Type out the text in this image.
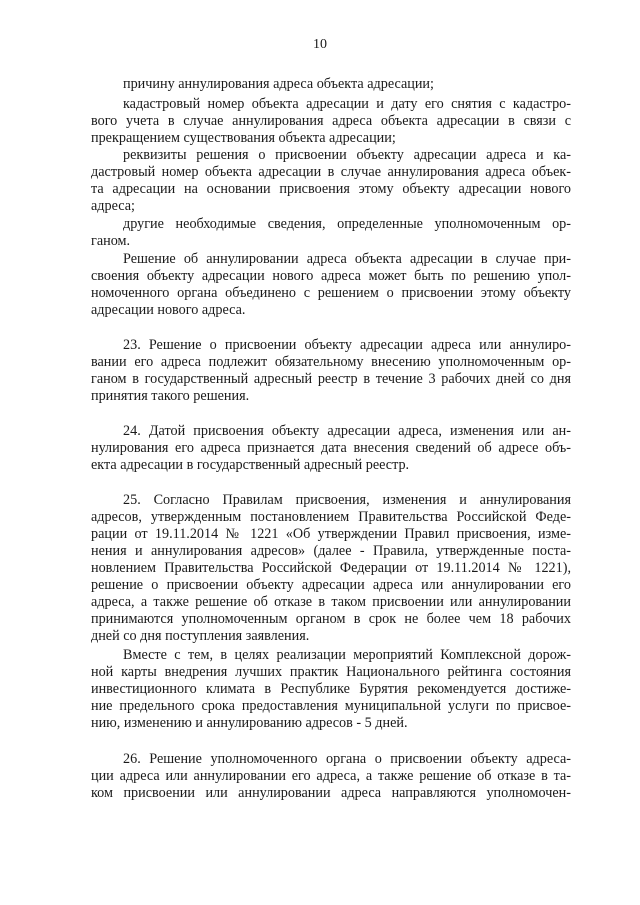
10
причину аннулирования адреса объекта адресации;
кадастровый номер объекта адресации и дату его снятия с кадастро-
вого учета в случае аннулирования адреса объекта адресации в связи с
прекращением существования объекта адресации;
реквизиты решения о присвоении объекту адресации адреса и ка-
дастровый номер объекта адресации в случае аннулирования адреса объек-
та адресации на основании присвоения этому объекту адресации нового
адреса;
другие необходимые сведения, определенные уполномоченным ор-
ганом.
Решение об аннулировании адреса объекта адресации в случае при-
своения объекту адресации нового адреса может быть по решению упол-
номоченного органа объединено с решением о присвоении этому объекту
адресации нового адреса.
23. Решение о присвоении объекту адресации адреса или аннулиро-
вании его адреса подлежит обязательному внесению уполномоченным ор-
ганом в государственный адресный реестр в течение 3 рабочих дней со дня
принятия такого решения.
24. Датой присвоения объекту адресации адреса, изменения или ан-
нулирования его адреса признается дата внесения сведений об адресе объ-
екта адресации в государственный адресный реестр.
25. Согласно Правилам присвоения, изменения и аннулирования
адресов, утвержденным постановлением Правительства Российской Феде-
рации от 19.11.2014 № 1221 «Об утверждении Правил присвоения, изме-
нения и аннулирования адресов» (далее - Правила, утвержденные поста-
новлением Правительства Российской Федерации от 19.11.2014 № 1221),
решение о присвоении объекту адресации адреса или аннулировании его
адреса, а также решение об отказе в таком присвоении или аннулировании
принимаются уполномоченным органом в срок не более чем 18 рабочих
дней со дня поступления заявления.
Вместе с тем, в целях реализации мероприятий Комплексной дорож-
ной карты внедрения лучших практик Национального рейтинга состояния
инвестиционного климата в Республике Бурятия рекомендуется достиже-
ние предельного срока предоставления муниципальной услуги по присвое-
нию, изменению и аннулированию адресов - 5 дней.
26. Решение уполномоченного органа о присвоении объекту адреса-
ции адреса или аннулировании его адреса, а также решение об отказе в та-
ком присвоении или аннулировании адреса направляются уполномочен-
